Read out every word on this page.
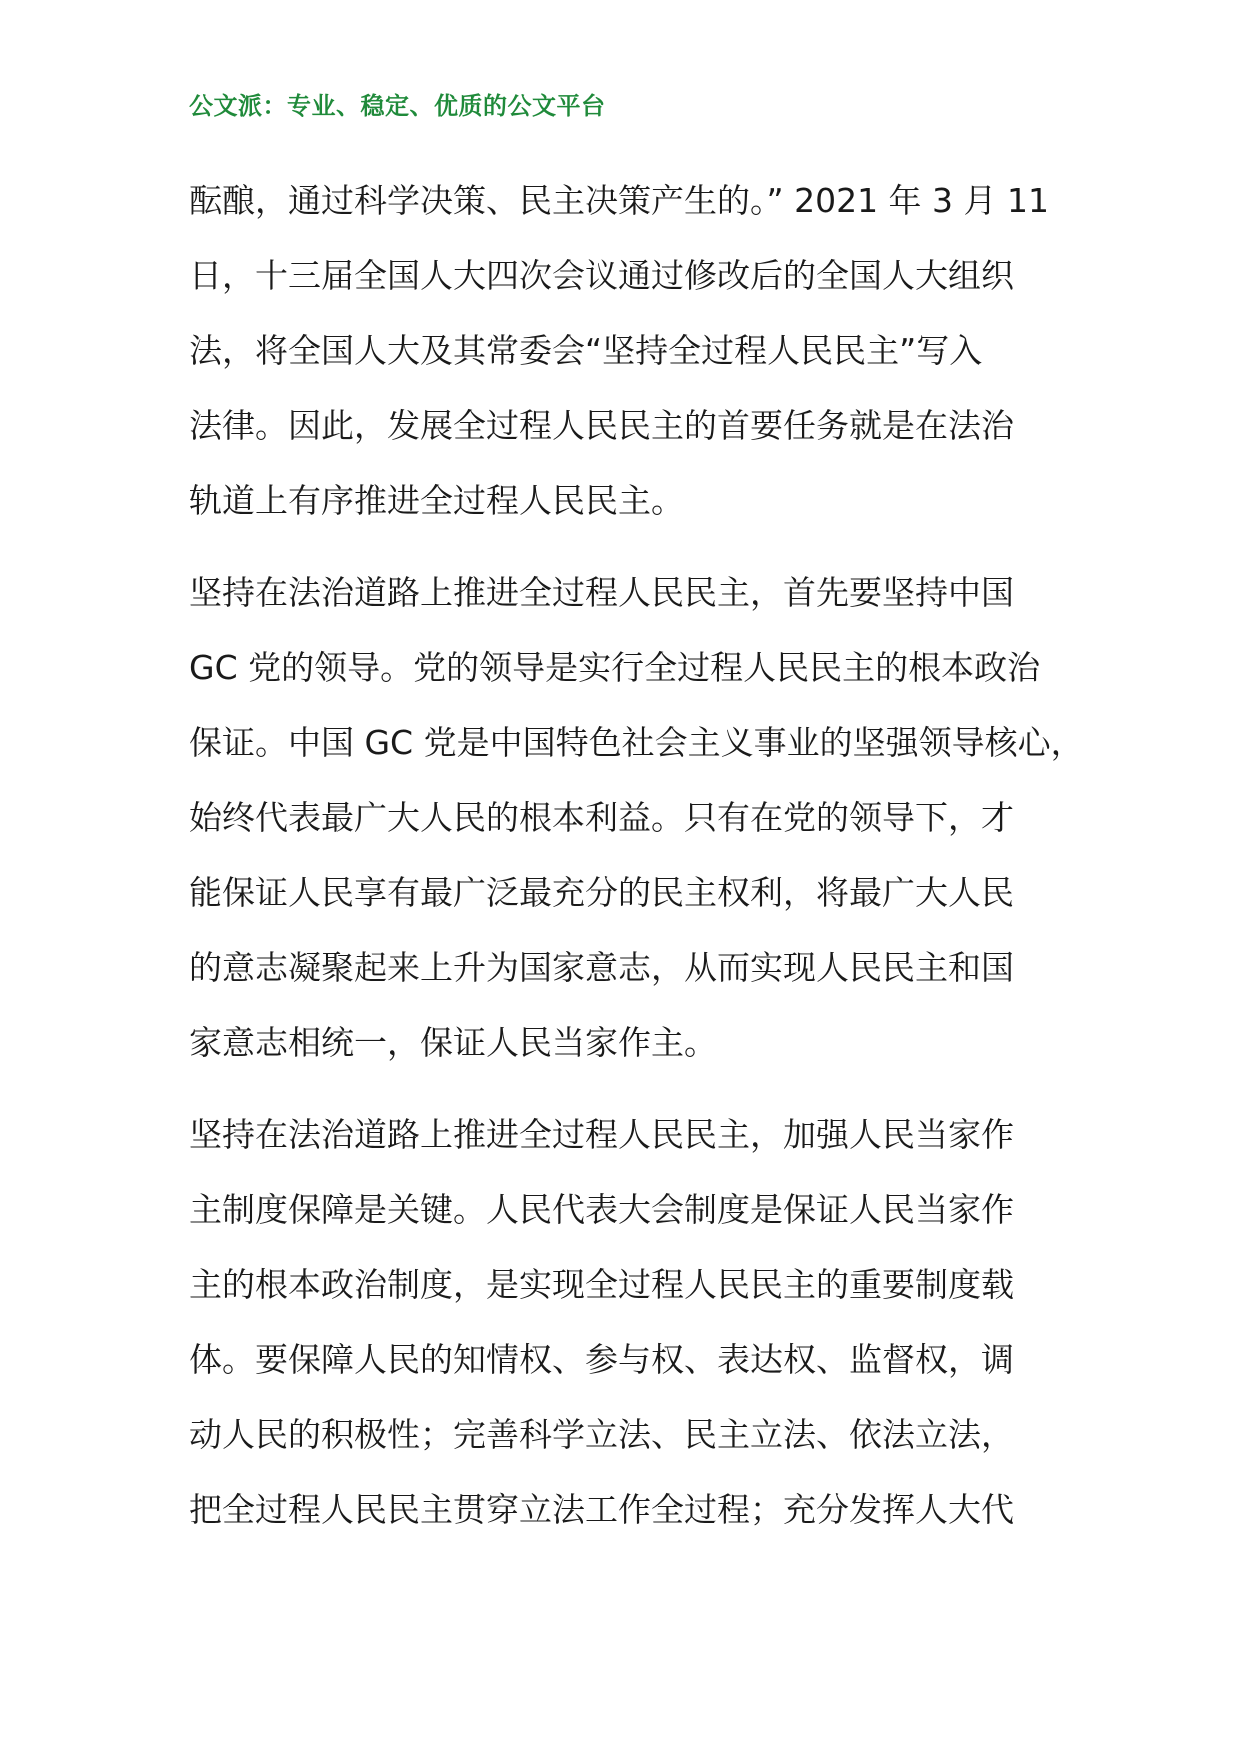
公文派：专业、稳定、优质的公文平台
酝酿，通过科学决策、民主决策产生的。” 2021 年 3 月 11
日，十三届全国人大四次会议通过修改后的全国人大组织
法，将全国人大及其常委会“坚持全过程人民民主”写入
法律。因此，发展全过程人民民主的首要任务就是在法治
轨道上有序推进全过程人民民主。
坚持在法治道路上推进全过程人民民主，首先要坚持中国
GC 党的领导。党的领导是实行全过程人民民主的根本政治
保证。中国 GC 党是中国特色社会主义事业的坚强领导核心，
始终代表最广大人民的根本利益。只有在党的领导下，才
能保证人民享有最广泛最充分的民主权利，将最广大人民
的意志凝聚起来上升为国家意志，从而实现人民民主和国
家意志相统一，保证人民当家作主。
坚持在法治道路上推进全过程人民民主，加强人民当家作
主制度保障是关键。人民代表大会制度是保证人民当家作
主的根本政治制度，是实现全过程人民民主的重要制度载
体。要保障人民的知情权、参与权、表达权、监督权，调
动人民的积极性；完善科学立法、民主立法、依法立法，
把全过程人民民主贯穿立法工作全过程；充分发挥人大代
